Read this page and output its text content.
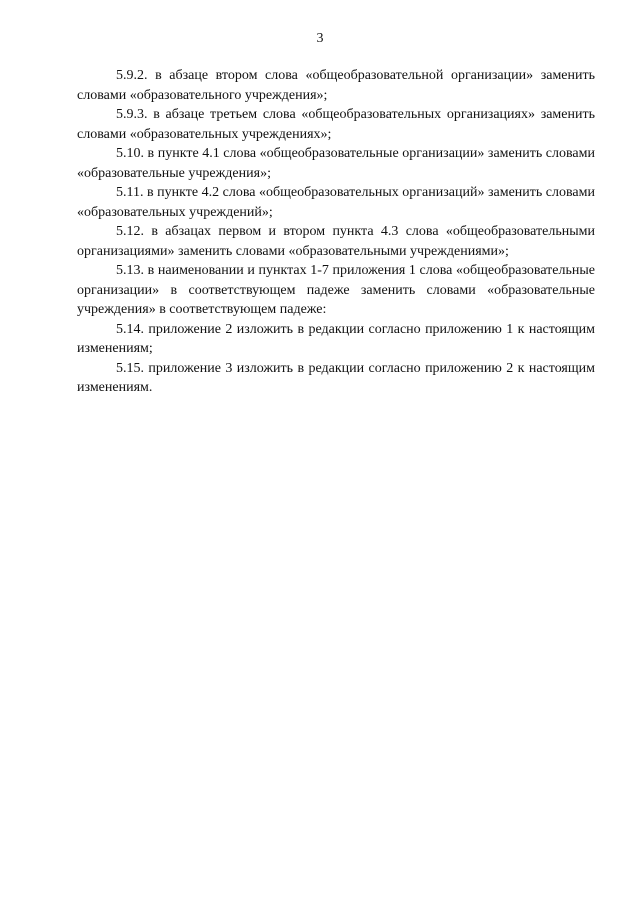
3

5.9.2. в абзаце втором слова «общеобразовательной организации» заменить словами «образовательного учреждения»;

5.9.3. в абзаце третьем слова «общеобразовательных организациях» заменить словами «образовательных учреждениях»;

5.10. в пункте 4.1 слова «общеобразовательные организации» заменить словами «образовательные учреждения»;

5.11. в пункте 4.2 слова «общеобразовательных организаций» заменить словами «образовательных учреждений»;

5.12. в абзацах первом и втором пункта 4.3 слова «общеобразовательными организациями» заменить словами «образовательными учреждениями»;

5.13. в наименовании и пунктах 1-7 приложения 1 слова «общеобразовательные организации» в соответствующем падеже заменить словами «образовательные учреждения» в соответствующем падеже:

5.14. приложение 2 изложить в редакции согласно приложению 1 к настоящим изменениям;

5.15. приложение 3 изложить в редакции согласно приложению 2 к настоящим изменениям.
